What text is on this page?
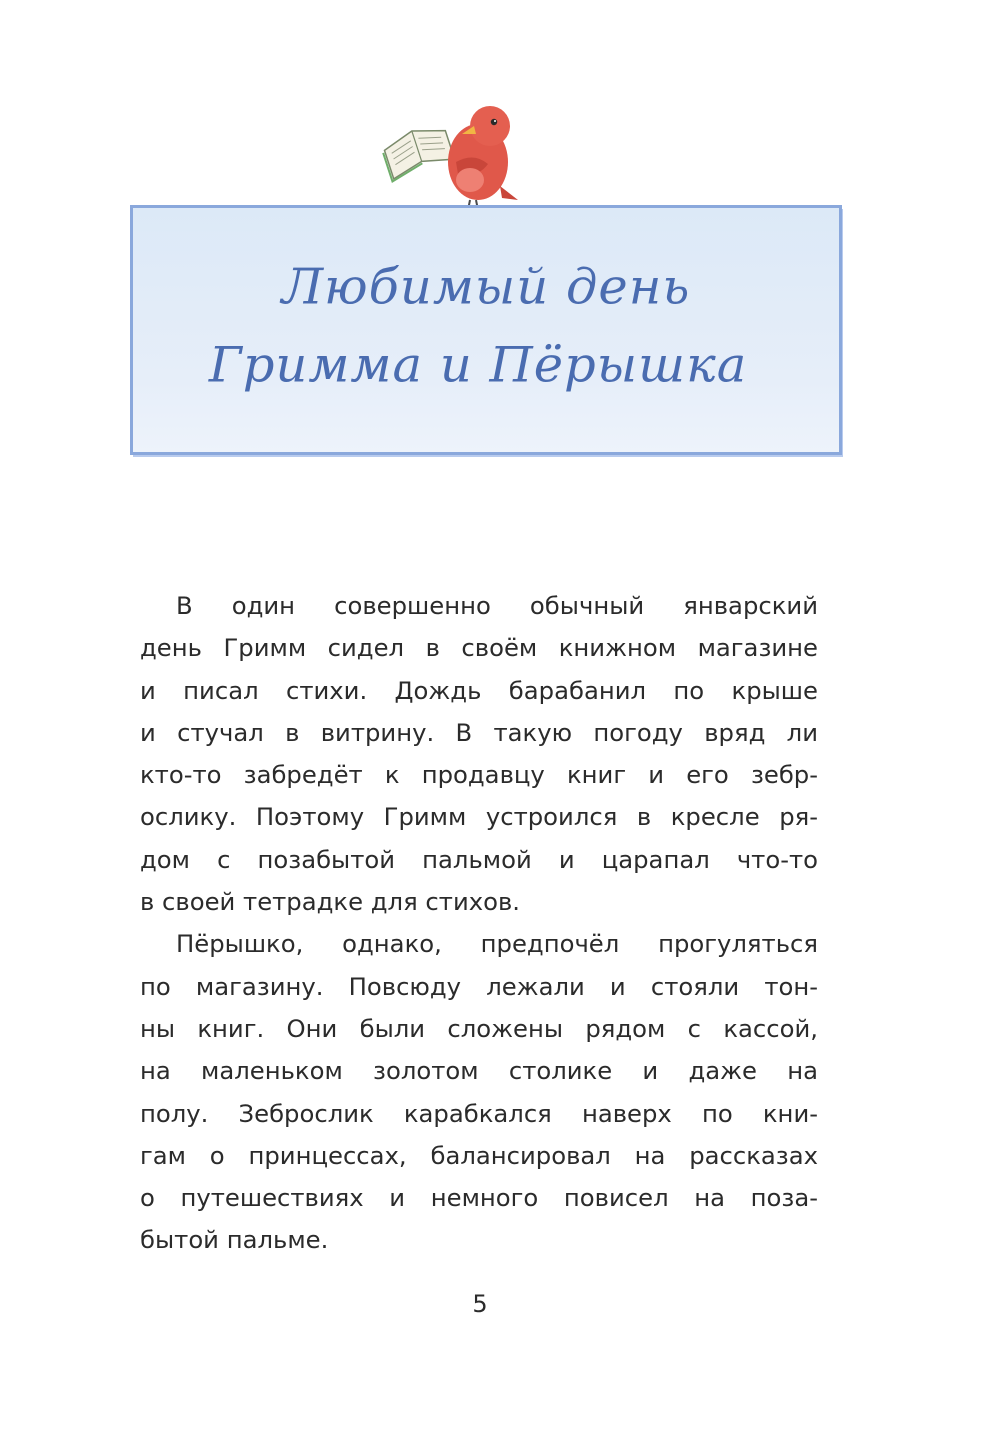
Любимый день
Гримма и Пёрышка
В один совершенно обычный январский
день Гримм сидел в своём книжном магазине
и писал стихи. Дождь барабанил по крыше
и стучал в витрину. В такую погоду вряд ли
кто-то забредёт к продавцу книг и его зебр-
ослику. Поэтому Гримм устроился в кресле ря-
дом с позабытой пальмой и царапал что-то
в своей тетрадке для стихов.
Пёрышко, однако, предпочёл прогуляться
по магазину. Повсюду лежали и стояли тон-
ны книг. Они были сложены рядом с кассой,
на маленьком золотом столике и даже на
полу. Зеброслик карабкался наверх по кни-
гам о принцессах, балансировал на рассказах
о путешествиях и немного повисел на поза-
бытой пальме.
5
